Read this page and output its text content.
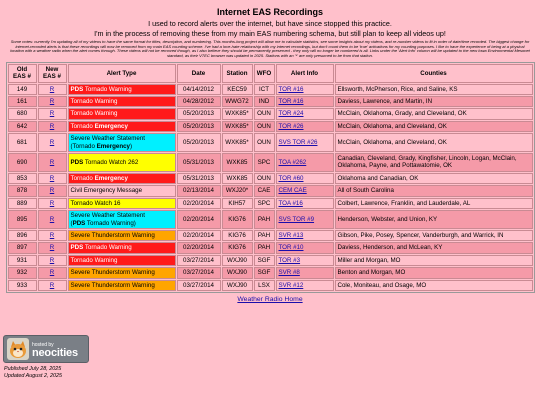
Internet EAS Recordings

I used to record alerts over the internet, but have since stopped this practice.

I'm in the process of removing these from my main EAS numbering schema, but still plan to keep all videos up!

Some notes: currently I'm updating all of my videos to have the same format for titles, description, and numbering. This months-long project will allow me to calculate statistics, see some insights about my videos, and re-number videos to fit in order of date/time recorded. The biggest change for internet-recorded alerts is that these recordings will now be removed from my main EAS counting scheme. I've had a love-hate relationship with my internet recordings, but don't count them to be 'true' activations for my counting purposes. I like to have the experience of being at a physical location with a weather radio when the alert comes through. These videos will not be removed though, as I also believe they should be permanently preserved - they only will no longer be numbered is all. Links under the 'Alert Info' column will be updated to the new Iowa Environmental Mesonet standard, as their VTEC browser was updated in 2025. Stations with an '*' are only presumed to be from that station.

Old EAS #	New EAS #	Alert Type	Date	Station	WFO	Alert Info	Counties
149	R	PDS Tornado Warning	04/14/2012	KEC59	ICT	TOR #16	Ellsworth, McPherson, Rice, and Saline, KS
161	R	Tornado Warning	04/28/2012	WWG72	IND	TOR #16	Daviess, Lawrence, and Martin, IN
680	R	Tornado Warning	05/20/2013	WXK85*	OUN	TOR #24	McClain, Oklahoma, Grady, and Cleveland, OK
642	R	Tornado Emergency	05/20/2013	WXK85*	OUN	TOR #26	McClain, Oklahoma, and Cleveland, OK
681	R	Severe Weather Statement
(Tornado Emergency)	05/20/2013	WXK85*	OUN	SVS TOR #26	McClain, Oklahoma, and Cleveland, OK
690	R	PDS Tornado Watch 262	05/31/2013	WXK85	SPC	TOA #262	Canadian, Cleveland, Grady, Kingfisher, Lincoln, Logan, McClain, Oklahoma, Payne, and Pottawatomie, OK
853	R	Tornado Emergency	05/31/2013	WXK85	OUN	TOR #60	Oklahoma and Canadian, OK
878	R	Civil Emergency Message	02/13/2014	WXJ20*	CAE	CEM CAE	All of South Carolina
889	R	Tornado Watch 16	02/20/2014	KIH57	SPC	TOA #16	Colbert, Lawrence, Franklin, and Lauderdale, AL
895	R	Severe Weather Statement
(PDS Tornado Warning)	02/20/2014	KIG76	PAH	SVS TOR #9	Henderson, Webster, and Union, KY
896	R	Severe Thunderstorm Warning	02/20/2014	KIG76	PAH	SVR #13	Gibson, Pike, Posey, Spencer, Vanderburgh, and Warrick, IN
897	R	PDS Tornado Warning	02/20/2014	KIG76	PAH	TOR #10	Daviess, Henderson, and McLean, KY
931	R	Tornado Warning	03/27/2014	WXJ90	SGF	TOR #3	Miller and Morgan, MO
932	R	Severe Thunderstorm Warning	03/27/2014	WXJ90	SGF	SVR #8	Benton and Morgan, MO
933	R	Severe Thunderstorm Warning	03/27/2014	WXJ90	LSX	SVR #12	Cole, Moniteau, and Osage, MO
Weather Radio Home
hosted by
neocities
Published July 28, 2025
Updated August 2, 2025
